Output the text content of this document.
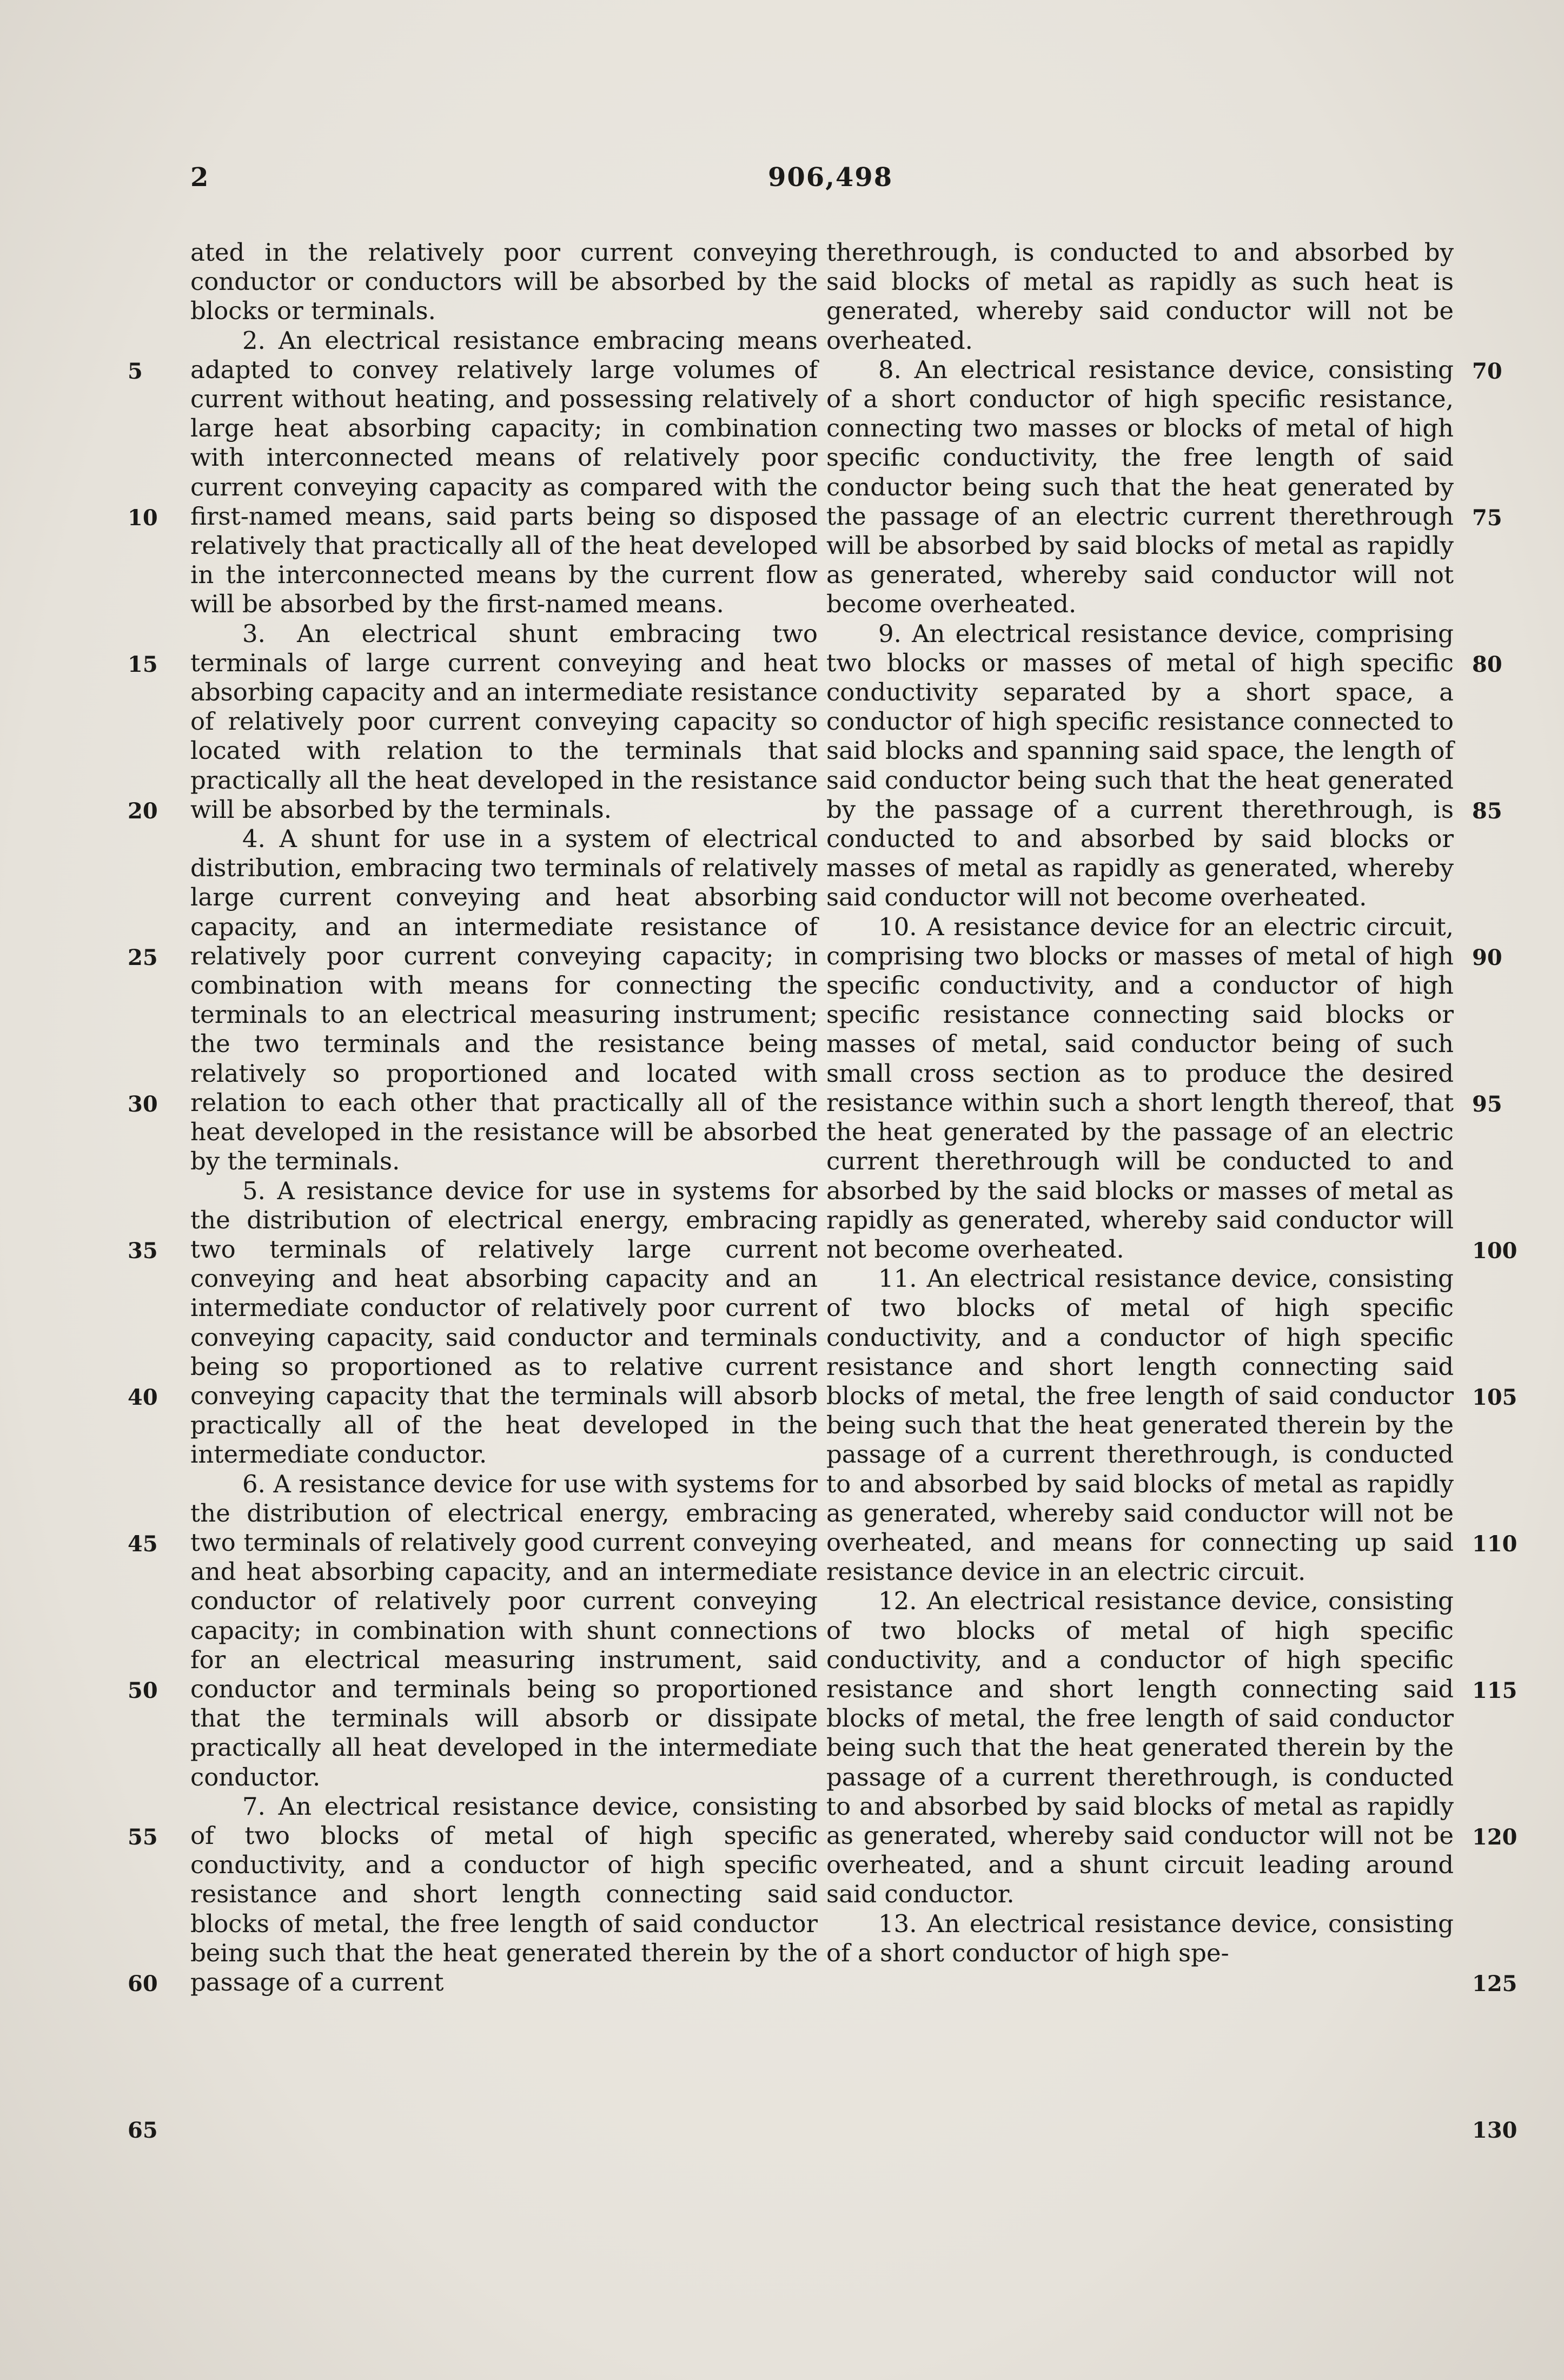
2	906,498
5
10
15
20
25
30
35
40
45
50
55
60
65

ated in the relatively poor current conveying conductor or conductors will be absorbed by the blocks or terminals.

2. An electrical resistance embracing means adapted to convey relatively large volumes of current without heating, and possessing relatively large heat absorbing capacity; in combination with interconnected means of relatively poor current conveying capacity as compared with the first-named means, said parts being so disposed relatively that practically all of the heat developed in the interconnected means by the current flow will be absorbed by the first-named means.

3. An electrical shunt embracing two terminals of large current conveying and heat absorbing capacity and an intermediate resistance of relatively poor current conveying capacity so located with relation to the terminals that practically all the heat developed in the resistance will be absorbed by the terminals.

4. A shunt for use in a system of electrical distribution, embracing two terminals of relatively large current conveying and heat absorbing capacity, and an intermediate resistance of relatively poor current conveying capacity; in combination with means for connecting the terminals to an electrical measuring instrument; the two terminals and the resistance being relatively so proportioned and located with relation to each other that practically all of the heat developed in the resistance will be absorbed by the terminals.

5. A resistance device for use in systems for the distribution of electrical energy, embracing two terminals of relatively large current conveying and heat absorbing capacity and an intermediate conductor of relatively poor current conveying capacity, said conductor and terminals being so proportioned as to relative current conveying capacity that the terminals will absorb practically all of the heat developed in the intermediate conductor.

6. A resistance device for use with systems for the distribution of electrical energy, embracing two terminals of relatively good current conveying and heat absorbing capacity, and an intermediate conductor of relatively poor current conveying capacity; in combination with shunt connections for an electrical measuring instrument, said conductor and terminals being so proportioned that the terminals will absorb or dissipate practically all heat developed in the intermediate conductor.

7. An electrical resistance device, consisting of two blocks of metal of high specific conductivity, and a conductor of high specific resistance and short length connecting said blocks of metal, the free length of said conductor being such that the heat generated therein by the passage of a current

therethrough, is conducted to and absorbed by said blocks of metal as rapidly as such heat is generated, whereby said conductor will not be overheated.

8. An electrical resistance device, consisting of a short conductor of high specific resistance, connecting two masses or blocks of metal of high specific conductivity, the free length of said conductor being such that the heat generated by the passage of an electric current therethrough will be absorbed by said blocks of metal as rapidly as generated, whereby said conductor will not become overheated.

9. An electrical resistance device, comprising two blocks or masses of metal of high specific conductivity separated by a short space, a conductor of high specific resistance connected to said blocks and spanning said space, the length of said conductor being such that the heat generated by the passage of a current therethrough, is conducted to and absorbed by said blocks or masses of metal as rapidly as generated, whereby said conductor will not become overheated.

10. A resistance device for an electric circuit, comprising two blocks or masses of metal of high specific conductivity, and a conductor of high specific resistance connecting said blocks or masses of metal, said conductor being of such small cross section as to produce the desired resistance within such a short length thereof, that the heat generated by the passage of an electric current therethrough will be conducted to and absorbed by the said blocks or masses of metal as rapidly as generated, whereby said conductor will not become overheated.

11. An electrical resistance device, consisting of two blocks of metal of high specific conductivity, and a conductor of high specific resistance and short length connecting said blocks of metal, the free length of said conductor being such that the heat generated therein by the passage of a current therethrough, is conducted to and absorbed by said blocks of metal as rapidly as generated, whereby said conductor will not be overheated, and means for connecting up said resistance device in an electric circuit.

12. An electrical resistance device, consisting of two blocks of metal of high specific conductivity, and a conductor of high specific resistance and short length connecting said blocks of metal, the free length of said conductor being such that the heat generated therein by the passage of a current therethrough, is conducted to and absorbed by said blocks of metal as rapidly as generated, whereby said conductor will not be overheated, and a shunt circuit leading around said conductor.

13. An electrical resistance device, consisting of a short conductor of high spe-

70
75
80
85
90
95
100
105
110
115
120
125
130
